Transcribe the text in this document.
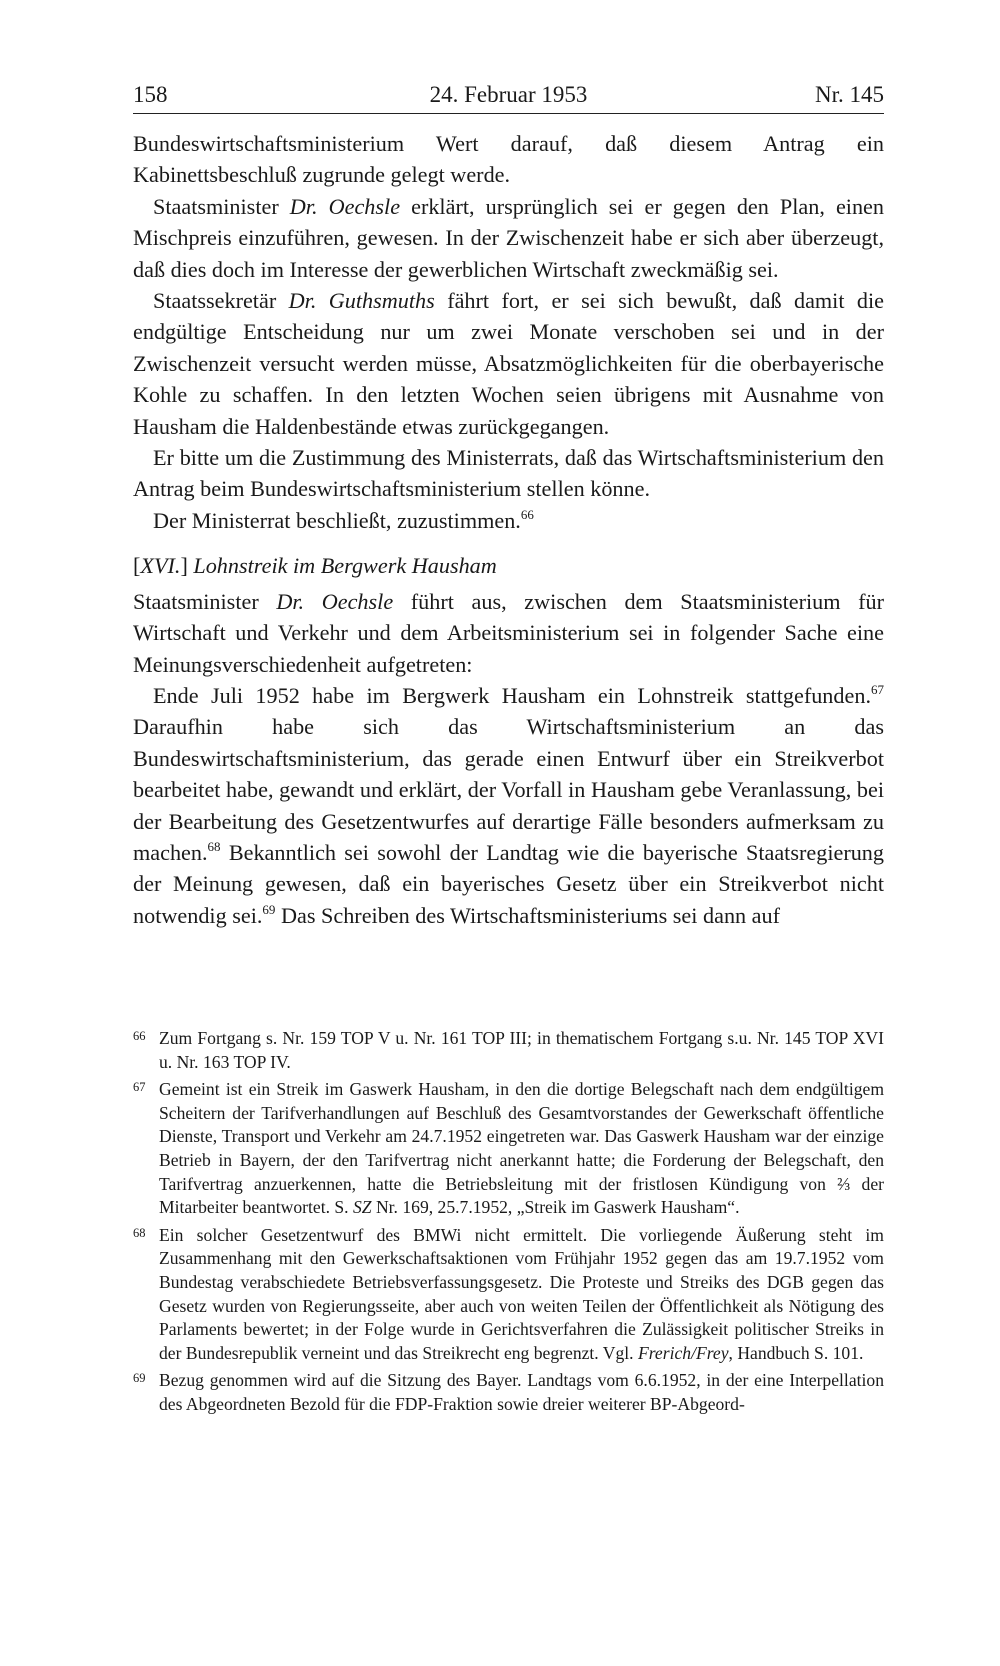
158	24. Februar 1953	Nr. 145

Bundeswirtschaftsministerium Wert darauf, daß diesem Antrag ein Kabinettsbeschluß zugrunde gelegt werde.

Staatsminister Dr. Oechsle erklärt, ursprünglich sei er gegen den Plan, einen Mischpreis einzuführen, gewesen. In der Zwischenzeit habe er sich aber überzeugt, daß dies doch im Interesse der gewerblichen Wirtschaft zweckmäßig sei.

Staatssekretär Dr. Guthsmuths fährt fort, er sei sich bewußt, daß damit die endgültige Entscheidung nur um zwei Monate verschoben sei und in der Zwischenzeit versucht werden müsse, Absatzmöglichkeiten für die oberbayerische Kohle zu schaffen. In den letzten Wochen seien übrigens mit Ausnahme von Hausham die Haldenbestände etwas zurückgegangen.

Er bitte um die Zustimmung des Ministerrats, daß das Wirtschaftsministerium den Antrag beim Bundeswirtschaftsministerium stellen könne.

Der Ministerrat beschließt, zuzustimmen.$^{66}$

[XVI.] Lohnstreik im Bergwerk Hausham

Staatsminister Dr. Oechsle führt aus, zwischen dem Staatsministerium für Wirtschaft und Verkehr und dem Arbeitsministerium sei in folgender Sache eine Meinungsverschiedenheit aufgetreten:

Ende Juli 1952 habe im Bergwerk Hausham ein Lohnstreik stattgefunden.$^{67}$ Daraufhin habe sich das Wirtschaftsministerium an das Bundeswirtschaftsministerium, das gerade einen Entwurf über ein Streikverbot bearbeitet habe, gewandt und erklärt, der Vorfall in Hausham gebe Veranlassung, bei der Bearbeitung des Gesetzentwurfes auf derartige Fälle besonders aufmerksam zu machen.$^{68}$ Bekanntlich sei sowohl der Landtag wie die bayerische Staatsregierung der Meinung gewesen, daß ein bayerisches Gesetz über ein Streikverbot nicht notwendig sei.$^{69}$ Das Schreiben des Wirtschaftsministeriums sei dann auf

66 Zum Fortgang s. Nr. 159 TOP V u. Nr. 161 TOP III; in thematischem Fortgang s.u. Nr. 145 TOP XVI u. Nr. 163 TOP IV.
67 Gemeint ist ein Streik im Gaswerk Hausham, in den die dortige Belegschaft nach dem endgültigem Scheitern der Tarifverhandlungen auf Beschluß des Gesamtvorstandes der Gewerkschaft öffentliche Dienste, Transport und Verkehr am 24.7.1952 eingetreten war. Das Gaswerk Hausham war der einzige Betrieb in Bayern, der den Tarifvertrag nicht anerkannt hatte; die Forderung der Belegschaft, den Tarifvertrag anzuerkennen, hatte die Betriebsleitung mit der fristlosen Kündigung von ⅔ der Mitarbeiter beantwortet. S. SZ Nr. 169, 25.7.1952, „Streik im Gaswerk Hausham“.
68 Ein solcher Gesetzentwurf des BMWi nicht ermittelt. Die vorliegende Äußerung steht im Zusammenhang mit den Gewerkschaftsaktionen vom Frühjahr 1952 gegen das am 19.7.1952 vom Bundestag verabschiedete Betriebsverfassungsgesetz. Die Proteste und Streiks des DGB gegen das Gesetz wurden von Regierungsseite, aber auch von weiten Teilen der Öffentlichkeit als Nötigung des Parlaments bewertet; in der Folge wurde in Gerichtsverfahren die Zulässigkeit politischer Streiks in der Bundesrepublik verneint und das Streikrecht eng begrenzt. Vgl. Frerich/Frey, Handbuch S. 101.
69 Bezug genommen wird auf die Sitzung des Bayer. Landtags vom 6.6.1952, in der eine Interpellation des Abgeordneten Bezold für die FDP-Fraktion sowie dreier weiterer BP-Abgeord-
